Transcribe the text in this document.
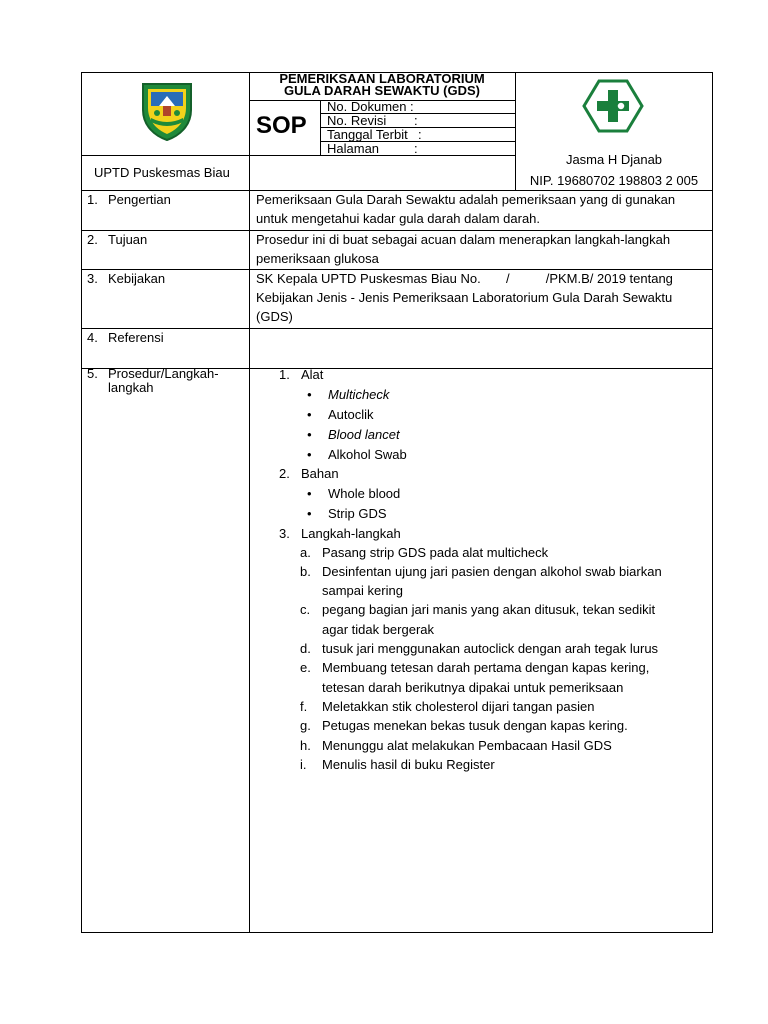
PEMERIKSAAN LABORATORIUM
GULA DARAH SEWAKTU (GDS)
SOP
No. Dokumen :
No. Revisi :
Tanggal Terbit :
Halaman	:
UPTD Puskesmas Biau
Jasma H Djanab
NIP. 19680702 198803 2 005
1. Pengertian	Pemeriksaan Gula Darah Sewaktu adalah pemeriksaan yang di gunakan
untuk mengetahui kadar gula darah dalam darah.
2. Tujuan	Prosedur ini di buat sebagai acuan dalam menerapkan langkah-langkah
pemeriksaan glukosa
3. Kebijakan	SK Kepala UPTD Puskesmas Biau No.       /          /PKM.B/ 2019 tentang
Kebijakan Jenis - Jenis Pemeriksaan Laboratorium Gula Darah Sewaktu
(GDS)
4. Referensi
5. Prosedur/Langkah-
langkah
1. Alat
• Multicheck
• Autoclik
• Blood lancet
• Alkohol Swab
2. Bahan
• Whole blood
• Strip GDS
3. Langkah-langkah
a. Pasang strip GDS pada alat multicheck
b. Desinfentan ujung jari pasien dengan alkohol swab biarkan
sampai kering
c. pegang bagian jari manis yang akan ditusuk, tekan sedikit
agar tidak bergerak
d. tusuk jari menggunakan autoclick dengan arah tegak lurus
e. Membuang tetesan darah pertama dengan kapas kering,
tetesan darah berikutnya dipakai untuk pemeriksaan
f. Meletakkan stik cholesterol dijari tangan pasien
g. Petugas menekan bekas tusuk dengan kapas kering.
h. Menunggu alat melakukan Pembacaan Hasil GDS
i. Menulis hasil di buku Register
